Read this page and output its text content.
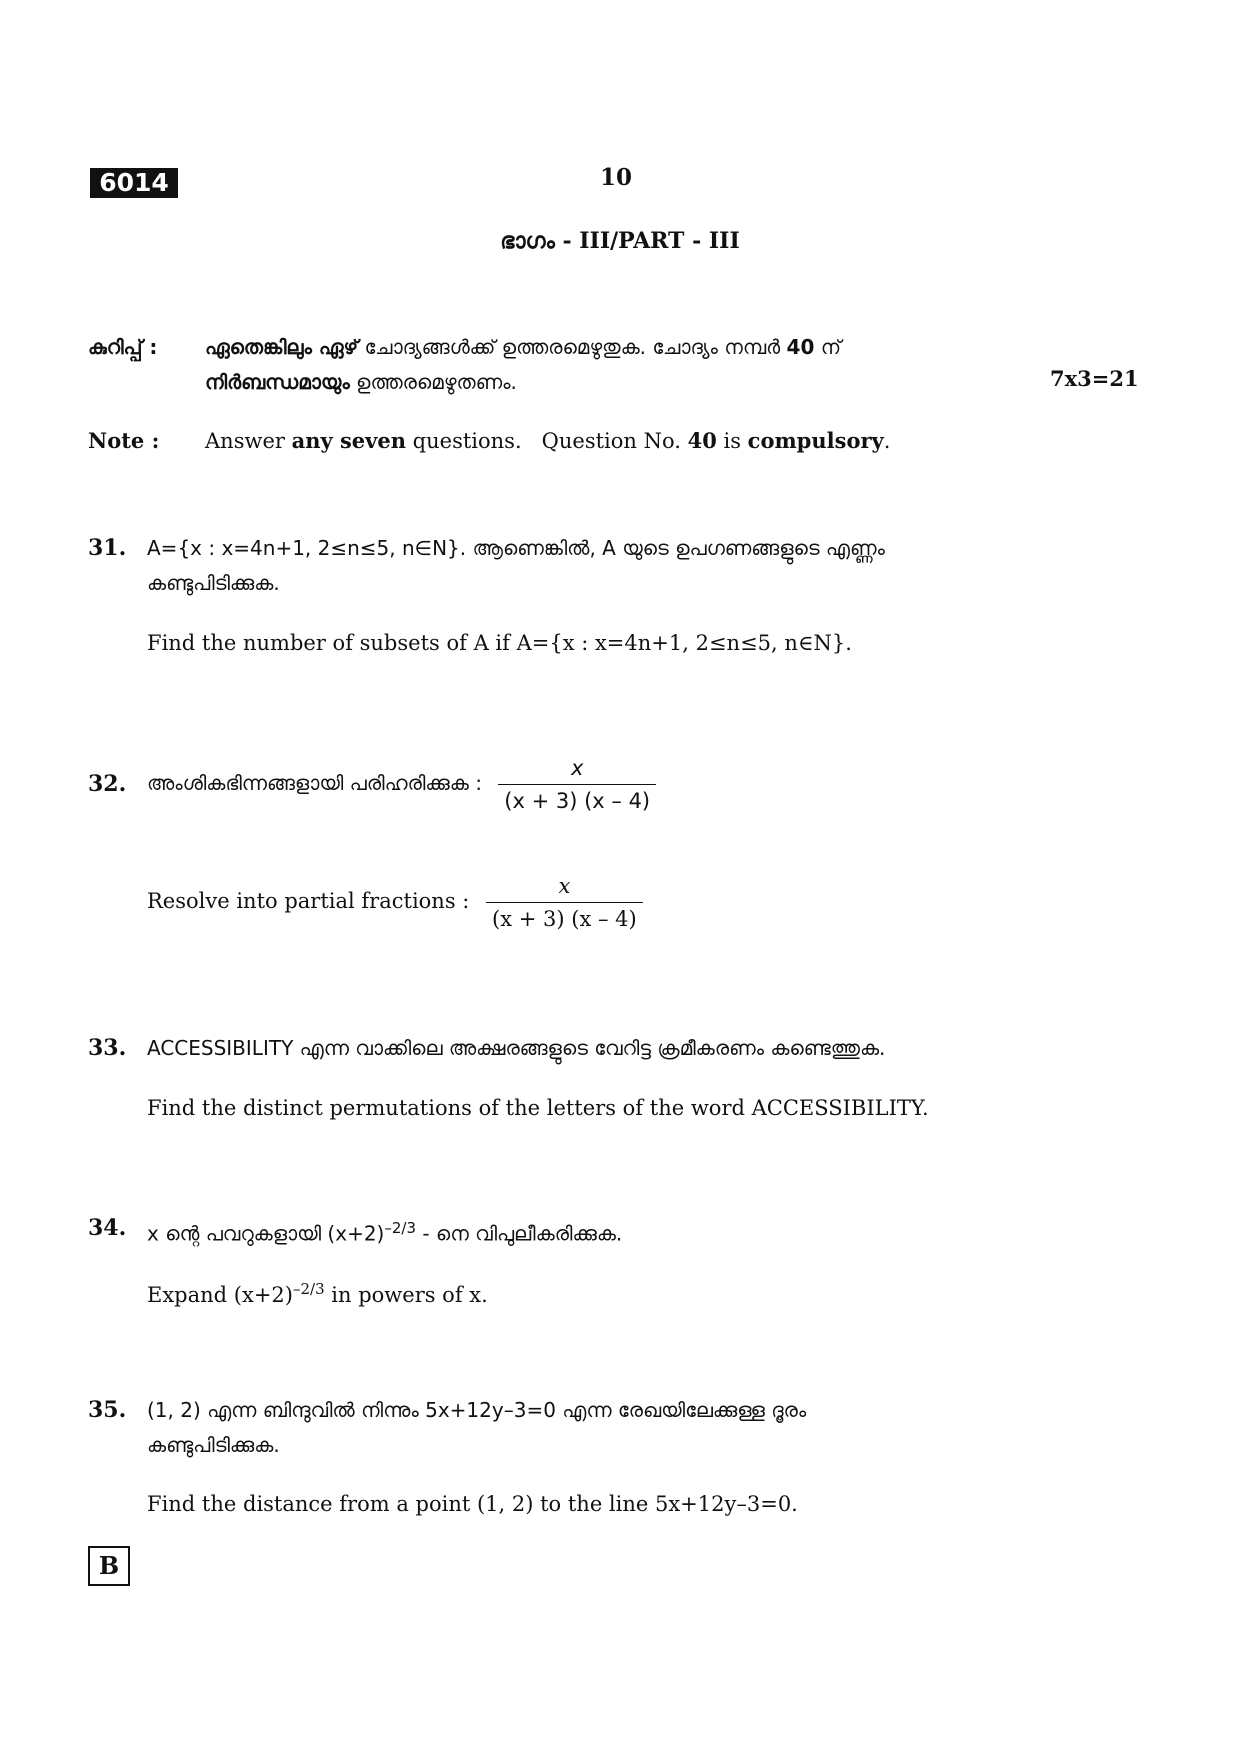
6014	10
ഭാഗം - III/PART - III
കുറിപ്പ് : ഏതെങ്കിലും ഏഴ് ചോദ്യങ്ങൾക്ക് ഉത്തരമെഴുതുക. ചോദ്യം നമ്പർ 40 ന്
നിർബന്ധമായും ഉത്തരമെഴുതണം.	7x3=21
Note : Answer any seven questions.   Question No. 40 is compulsory.
31. A={x : x=4n+1, 2≤n≤5, n∈N}. ആണെങ്കിൽ, A യുടെ ഉപഗണങ്ങളുടെ എണ്ണം
കണ്ടുപിടിക്കുക.
Find the number of subsets of A if A={x : x=4n+1, 2≤n≤5, n∈N}.
32. അംശികഭിന്നങ്ങളായി പരിഹരിക്കുക : $\frac{x}{(x + 3) (x - 4)}$
Resolve into partial fractions : $\frac{x}{(x + 3) (x - 4)}$
33. ACCESSIBILITY എന്ന വാക്കിലെ അക്ഷരങ്ങളുടെ വേറിട്ട ക്രമീകരണം കണ്ടെത്തുക.
Find the distinct permutations of the letters of the word ACCESSIBILITY.
34. x ന്റെ പവറുകളായി $(x+2)^{-2/3}$ - നെ വിപുലീകരിക്കുക.
Expand $(x+2)^{-2/3}$ in powers of x.
35. (1, 2) എന്ന ബിന്ദുവിൽ നിന്നും 5x+12y–3=0 എന്ന രേഖയിലേക്കുള്ള ദൂരം
കണ്ടുപിടിക്കുക.
Find the distance from a point (1, 2) to the line 5x+12y–3=0.
B
